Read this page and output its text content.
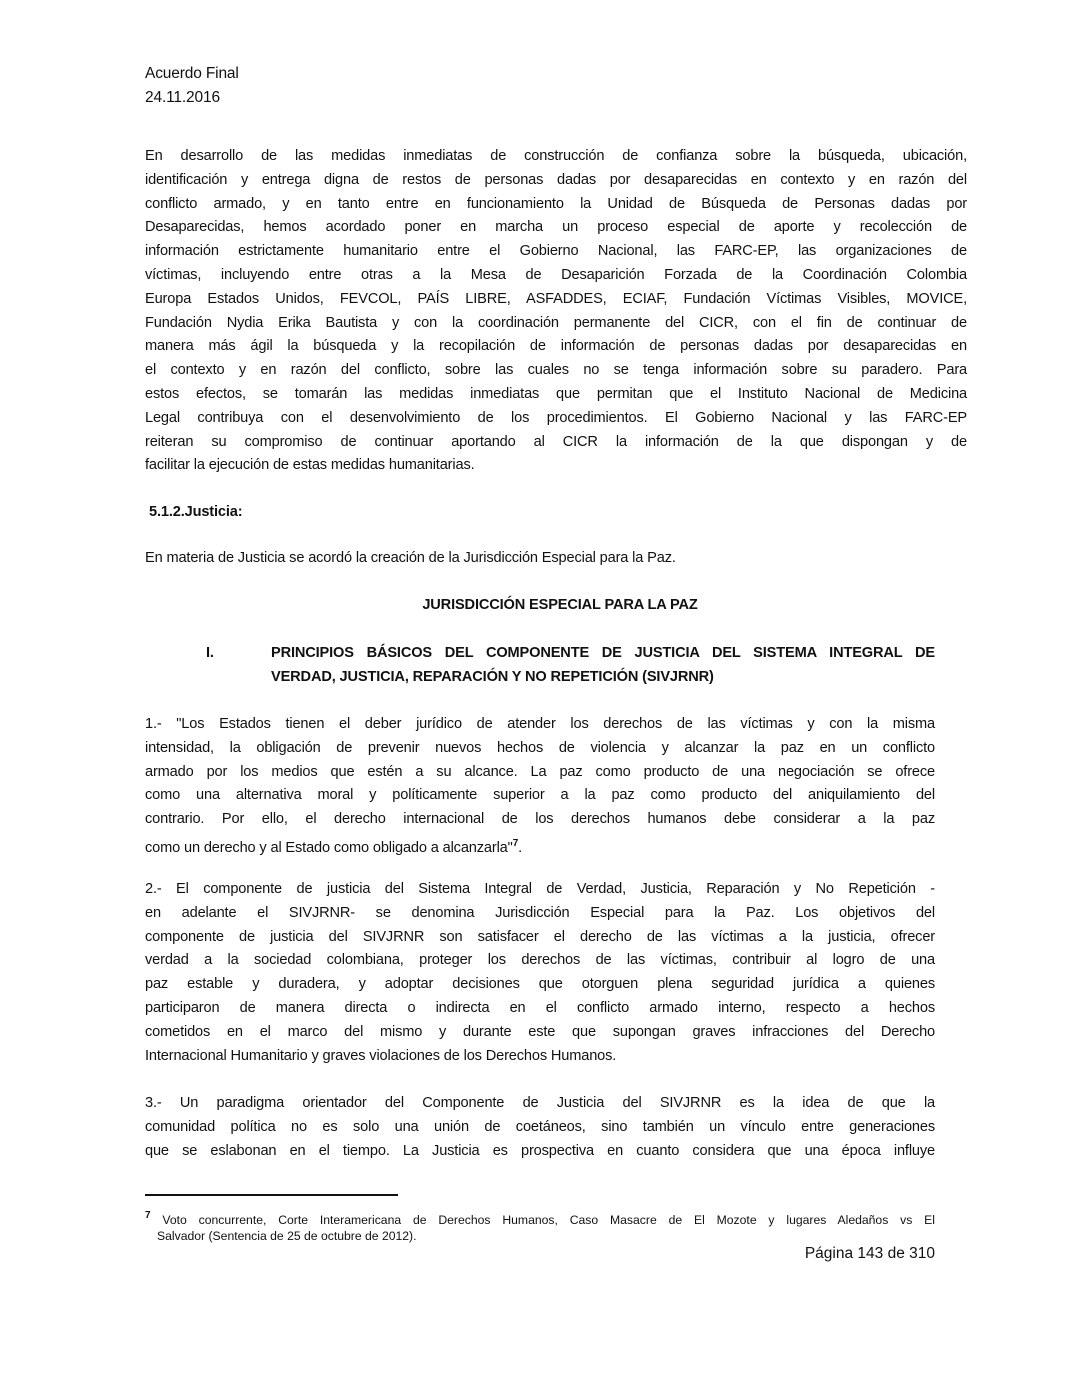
Acuerdo Final
24.11.2016
En desarrollo de las medidas inmediatas de construcción de confianza sobre la búsqueda, ubicación,
identificación y entrega digna de restos de personas dadas por desaparecidas en contexto y en razón del
conflicto armado, y en tanto entre en funcionamiento la Unidad de Búsqueda de Personas dadas por
Desaparecidas, hemos acordado poner en marcha un proceso especial de aporte y recolección de
información estrictamente humanitario entre el Gobierno Nacional, las FARC-EP, las organizaciones de
víctimas, incluyendo entre otras a la Mesa de Desaparición Forzada de la Coordinación Colombia
Europa Estados Unidos, FEVCOL, PAÍS LIBRE, ASFADDES, ECIAF, Fundación Víctimas Visibles, MOVICE,
Fundación Nydia Erika Bautista y con la coordinación permanente del CICR, con el fin de continuar de
manera más ágil la búsqueda y la recopilación de información de personas dadas por desaparecidas en
el contexto y en razón del conflicto, sobre las cuales no se tenga información sobre su paradero. Para
estos efectos, se tomarán las medidas inmediatas que permitan que el Instituto Nacional de Medicina
Legal contribuya con el desenvolvimiento de los procedimientos. El Gobierno Nacional y las FARC-EP
reiteran su compromiso de continuar aportando al CICR la información de la que dispongan y de
facilitar la ejecución de estas medidas humanitarias.
5.1.2.Justicia:
En materia de Justicia se acordó la creación de la Jurisdicción Especial para la Paz.
JURISDICCIÓN ESPECIAL PARA LA PAZ
I.	PRINCIPIOS BÁSICOS DEL COMPONENTE DE JUSTICIA DEL SISTEMA INTEGRAL DE
VERDAD, JUSTICIA, REPARACIÓN Y NO REPETICIÓN (SIVJRNR)
1.- "Los Estados tienen el deber jurídico de atender los derechos de las víctimas y con la misma
intensidad, la obligación de prevenir nuevos hechos de violencia y alcanzar la paz en un conflicto
armado por los medios que estén a su alcance. La paz como producto de una negociación se ofrece
como una alternativa moral y políticamente superior a la paz como producto del aniquilamiento del
contrario. Por ello, el derecho internacional de los derechos humanos debe considerar a la paz
como un derecho y al Estado como obligado a alcanzarla"$^7$.
2.- El componente de justicia del Sistema Integral de Verdad, Justicia, Reparación y No Repetición -
en adelante el SIVJRNR- se denomina Jurisdicción Especial para la Paz. Los objetivos del
componente de justicia del SIVJRNR son satisfacer el derecho de las víctimas a la justicia, ofrecer
verdad a la sociedad colombiana, proteger los derechos de las víctimas, contribuir al logro de una
paz estable y duradera, y adoptar decisiones que otorguen plena seguridad jurídica a quienes
participaron de manera directa o indirecta en el conflicto armado interno, respecto a hechos
cometidos en el marco del mismo y durante este que supongan graves infracciones del Derecho
Internacional Humanitario y graves violaciones de los Derechos Humanos.
3.- Un paradigma orientador del Componente de Justicia del SIVJRNR es la idea de que la
comunidad política no es solo una unión de coetáneos, sino también un vínculo entre generaciones
que se eslabonan en el tiempo. La Justicia es prospectiva en cuanto considera que una época influye
$^7$ Voto concurrente, Corte Interamericana de Derechos Humanos, Caso Masacre de El Mozote y lugares Aledaños vs El
Salvador (Sentencia de 25 de octubre de 2012).
Página 143 de 310
